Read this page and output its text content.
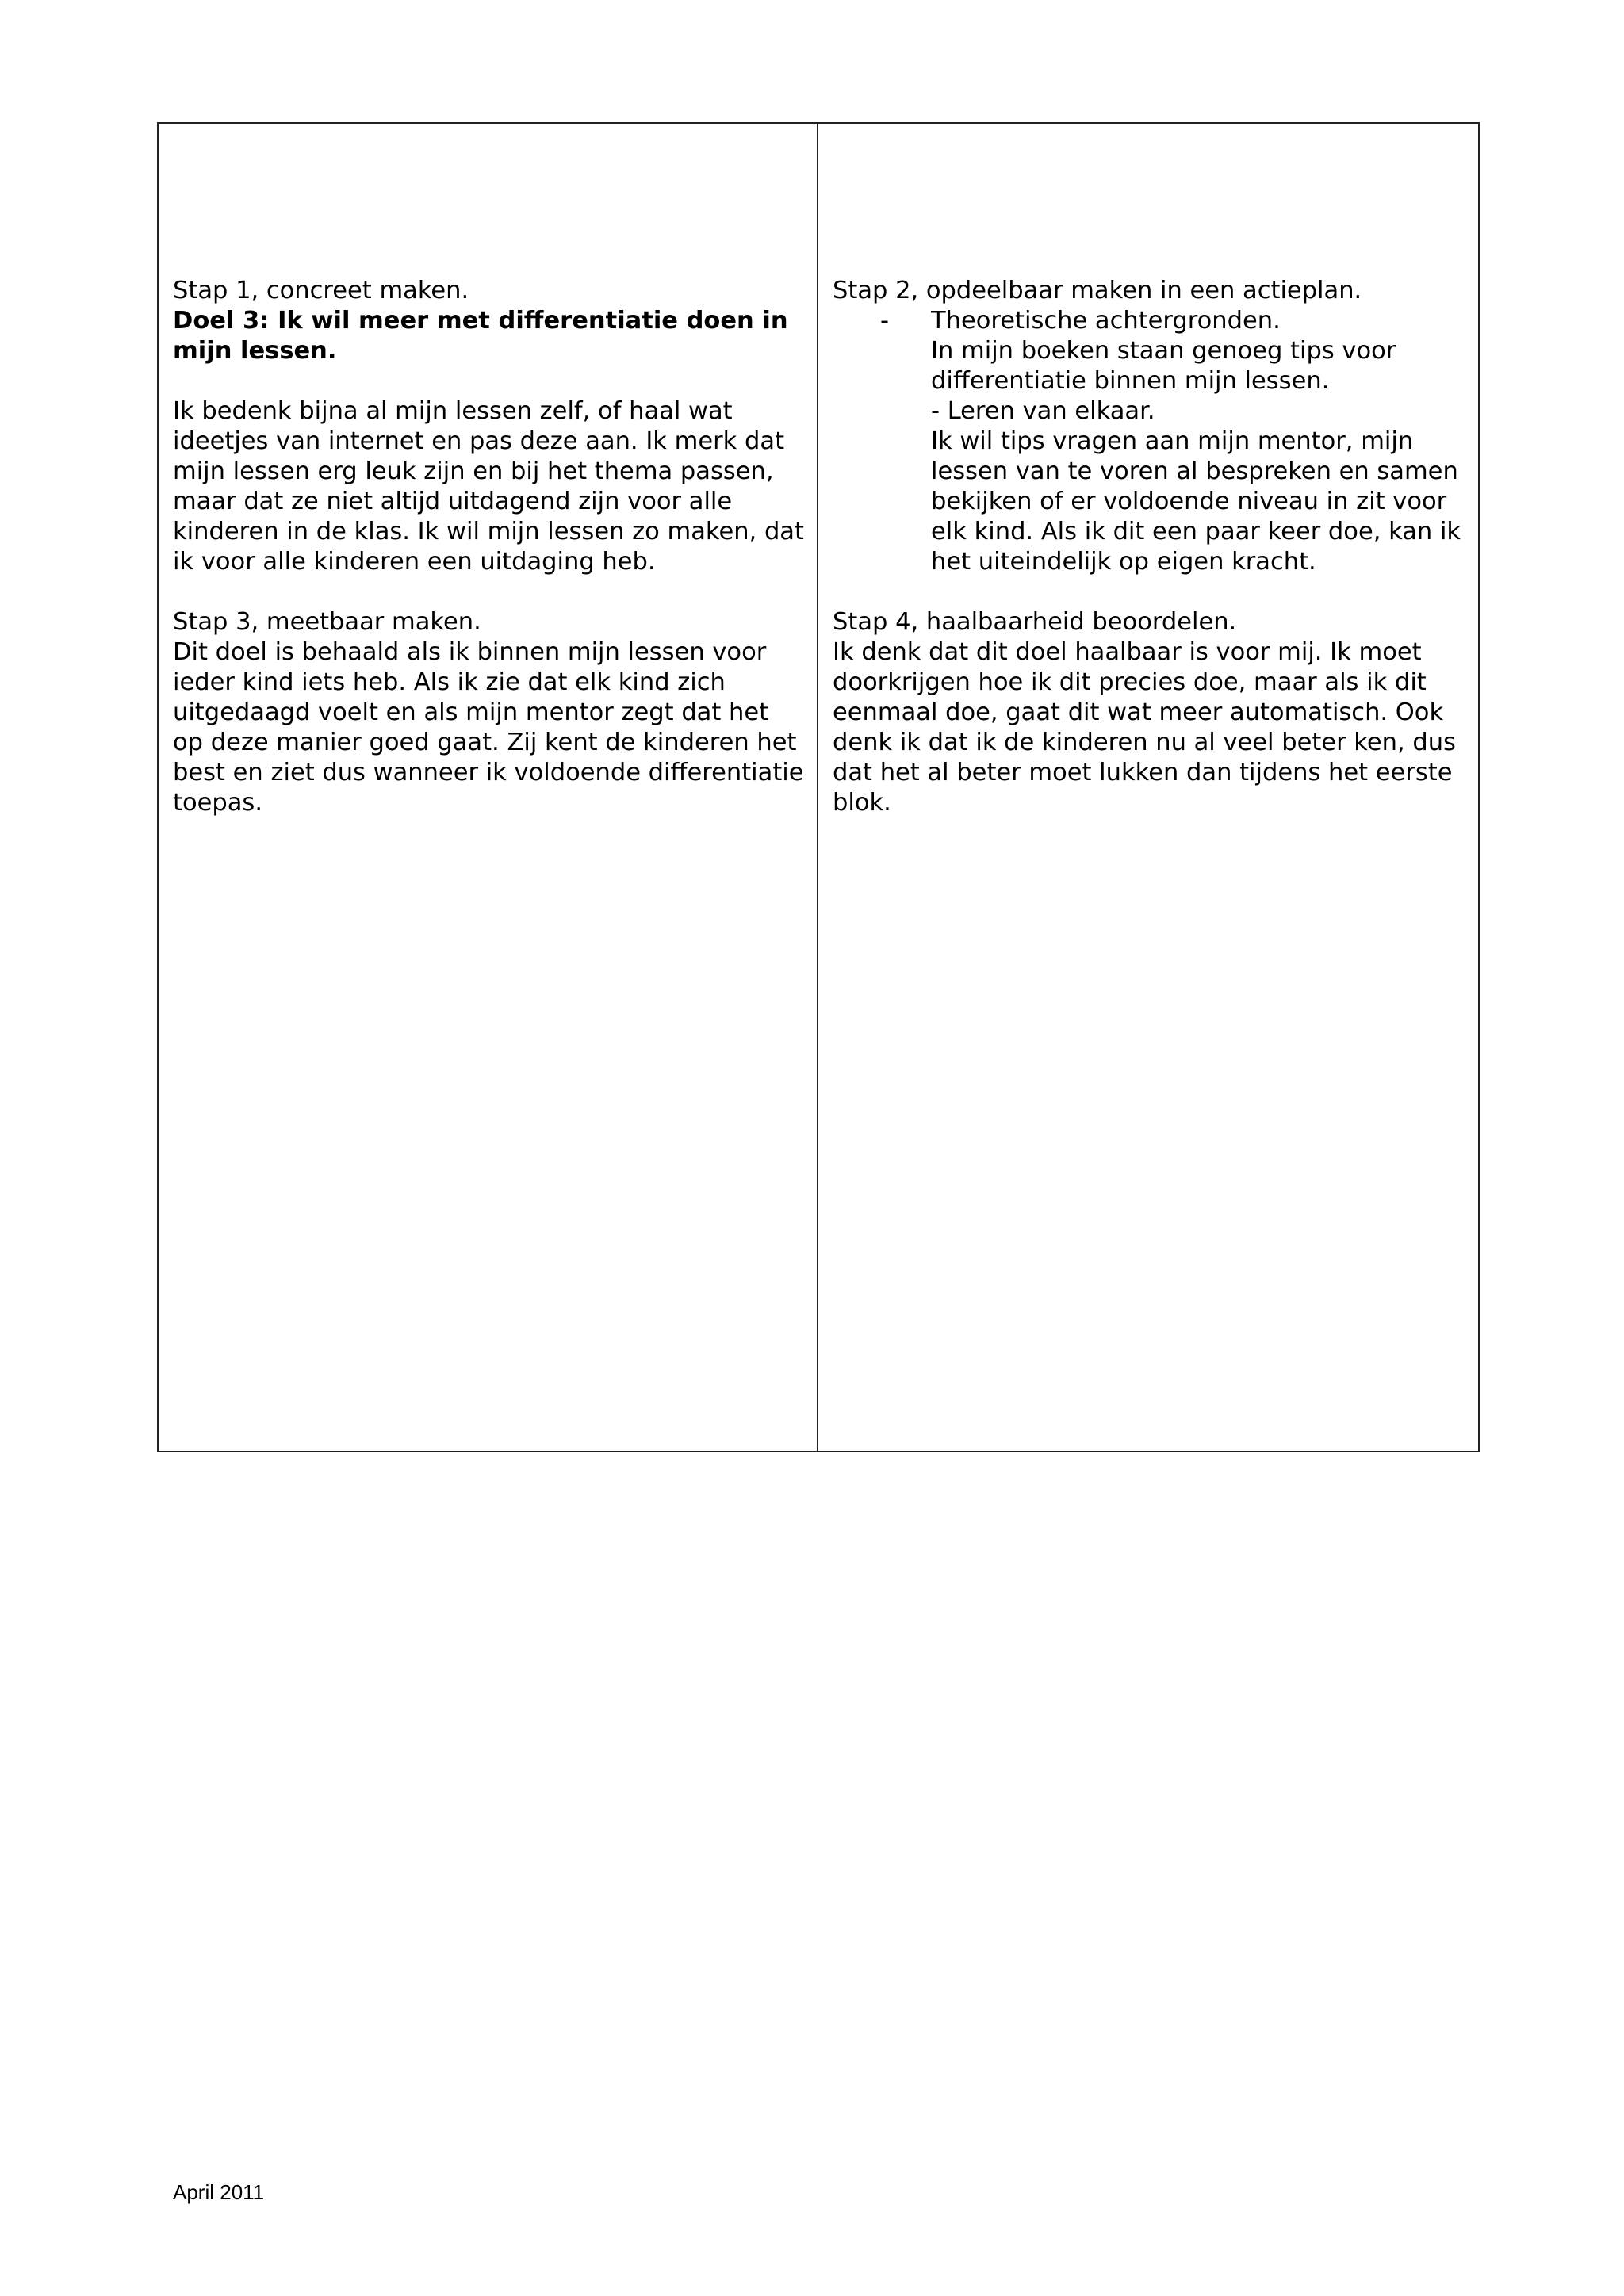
Stap 1, concreet maken.

Doel 3: Ik wil meer met differentiatie doen in mijn lessen.

Ik bedenk bijna al mijn lessen zelf, of haal wat ideetjes van internet en pas deze aan. Ik merk dat mijn lessen erg leuk zijn en bij het thema passen, maar dat ze niet altijd uitdagend zijn voor alle kinderen in de klas. Ik wil mijn lessen zo maken, dat ik voor alle kinderen een uitdaging heb.

Stap 3, meetbaar maken.

Dit doel is behaald als ik binnen mijn lessen voor ieder kind iets heb. Als ik zie dat elk kind zich uitgedaagd voelt en als mijn mentor zegt dat het op deze manier goed gaat. Zij kent de kinderen het best en ziet dus wanneer ik voldoende differentiatie toepas.

Stap 2, opdeelbaar maken in een actieplan.

-	Theoretische achtergronden.

In mijn boeken staan genoeg tips voor differentiatie binnen mijn lessen.

- Leren van elkaar.

Ik wil tips vragen aan mijn mentor, mijn lessen van te voren al bespreken en samen bekijken of er voldoende niveau in zit voor elk kind. Als ik dit een paar keer doe, kan ik het uiteindelijk op eigen kracht.

Stap 4, haalbaarheid beoordelen.

Ik denk dat dit doel haalbaar is voor mij. Ik moet doorkrijgen hoe ik dit precies doe, maar als ik dit eenmaal doe, gaat dit wat meer automatisch. Ook denk ik dat ik de kinderen nu al veel beter ken, dus dat het al beter moet lukken dan tijdens het eerste blok.

April 2011
